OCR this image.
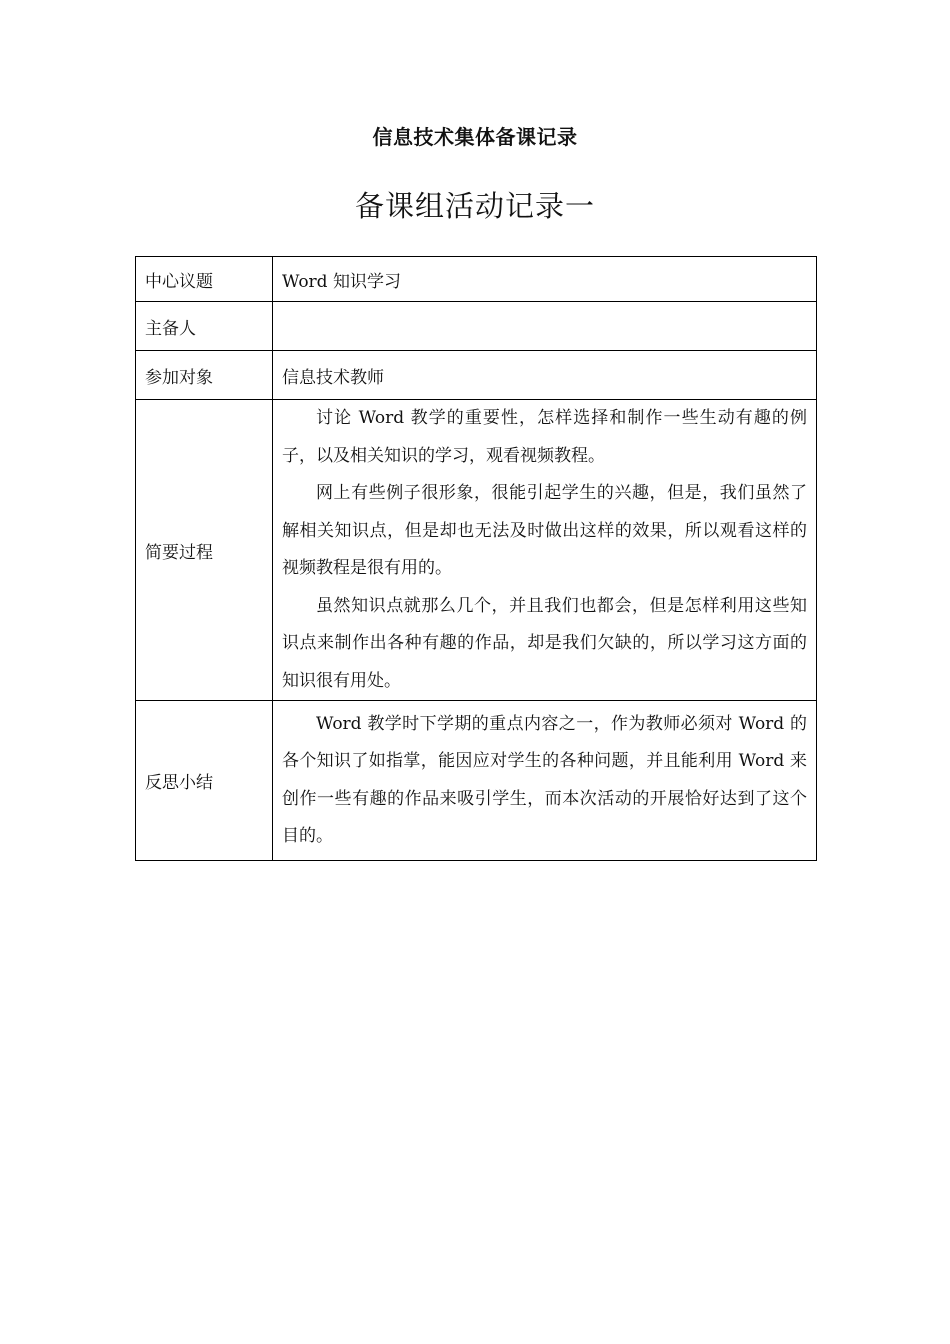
信息技术集体备课记录
备课组活动记录一
中心议题	Word 知识学习
主备人	
参加对象	信息技术教师
简要过程	讨论 Word 教学的重要性，怎样选择和制作一些生动有趣的例子，以及相关知识的学习，观看视频教程。

网上有些例子很形象，很能引起学生的兴趣，但是，我们虽然了解相关知识点，但是却也无法及时做出这样的效果，所以观看这样的视频教程是很有用的。

虽然知识点就那么几个，并且我们也都会，但是怎样利用这些知识点来制作出各种有趣的作品，却是我们欠缺的，所以学习这方面的知识很有用处。

反思小结	Word 教学时下学期的重点内容之一，作为教师必须对 Word 的各个知识了如指掌，能因应对学生的各种问题，并且能利用 Word 来创作一些有趣的作品来吸引学生，而本次活动的开展恰好达到了这个目的。
